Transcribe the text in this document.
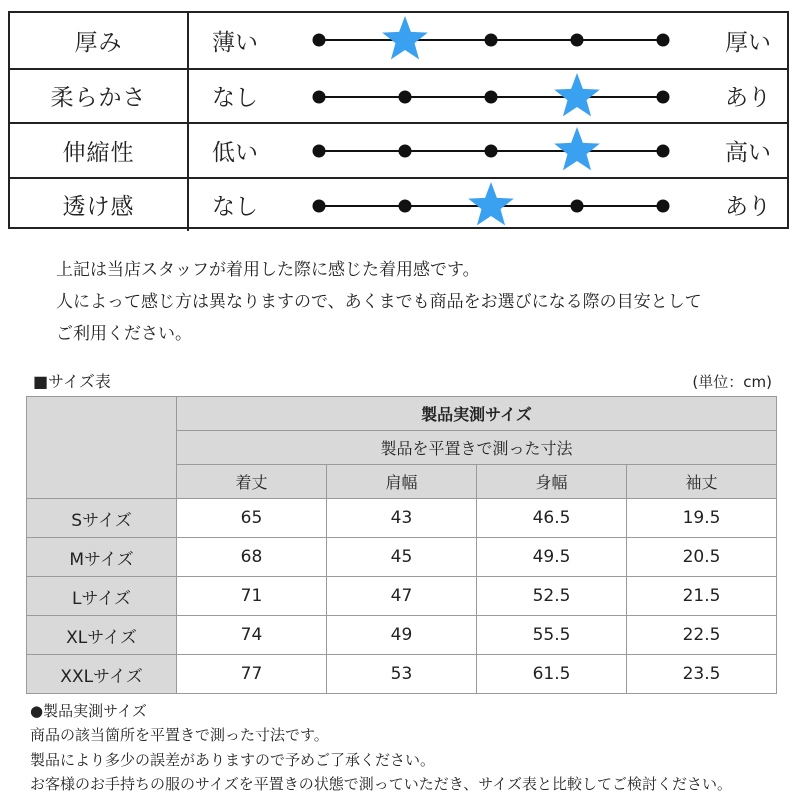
厚み	薄い	厚い
柔らかさ	なし	あり
伸縮性	低い	高い
透け感	なし	あり
上記は当店スタッフが着用した際に感じた着用感です。
人によって感じ方は異なりますので、あくまでも商品をお選びになる際の目安として
ご利用ください。
■サイズ表	(単位：cm)
	製品実測サイズ			
	製品を平置きで測った寸法			
	着丈	肩幅	身幅	袖丈
Sサイズ	65	43	46.5	19.5
Mサイズ	68	45	49.5	20.5
Lサイズ	71	47	52.5	21.5
XLサイズ	74	49	55.5	22.5
XXLサイズ	77	53	61.5	23.5
●製品実測サイズ
商品の該当箇所を平置きで測った寸法です。
製品により多少の誤差がありますので予めご了承ください。
お客様のお手持ちの服のサイズを平置きの状態で測っていただき、サイズ表と比較してご検討ください。
